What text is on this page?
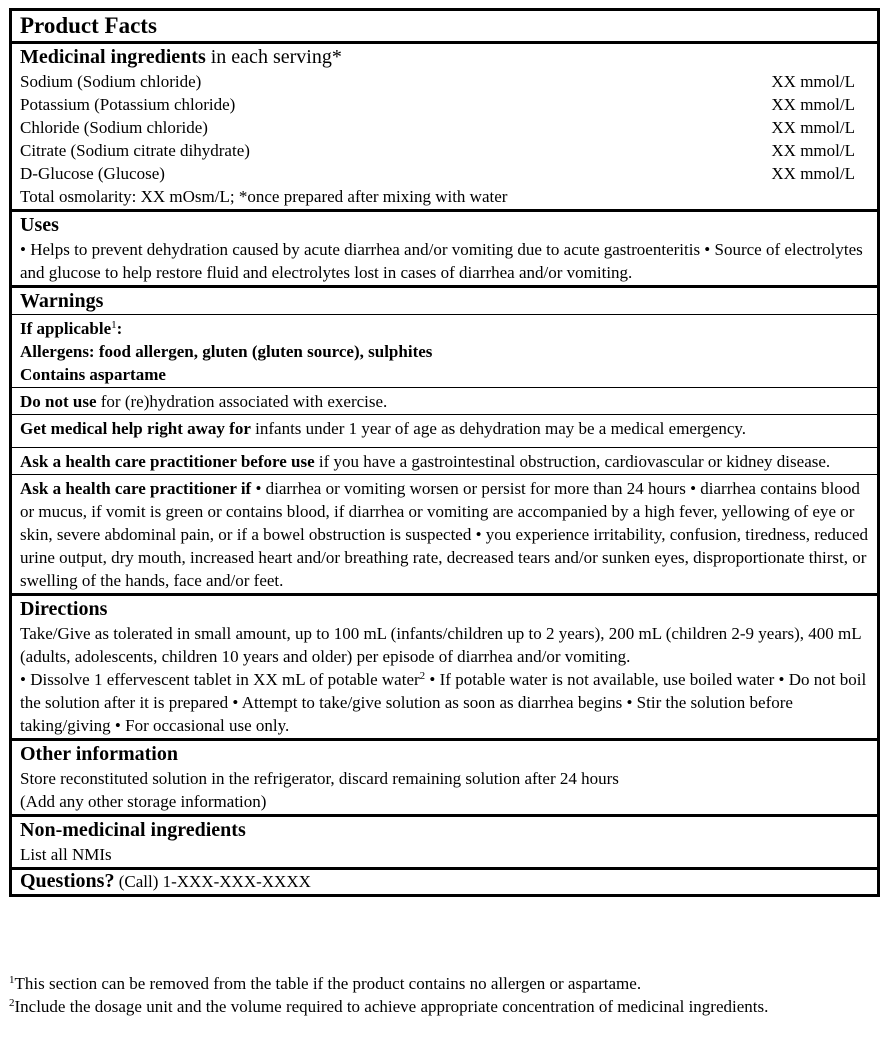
Product Facts
Medicinal ingredients in each serving*
Sodium (Sodium chloride)	XX mmol/L
Potassium (Potassium chloride)	XX mmol/L
Chloride (Sodium chloride)	XX mmol/L
Citrate (Sodium citrate dihydrate)	XX mmol/L
D-Glucose (Glucose)	XX mmol/L
Total osmolarity: XX mOsm/L; *once prepared after mixing with water
Uses
• Helps to prevent dehydration caused by acute diarrhea and/or vomiting due to acute gastroenteritis • Source of electrolytes and glucose to help restore fluid and electrolytes lost in cases of diarrhea and/or vomiting.
Warnings
If applicable$^1$:
Allergens: food allergen, gluten (gluten source), sulphites
Contains aspartame
Do not use for (re)hydration associated with exercise.
Get medical help right away for infants under 1 year of age as dehydration may be a medical emergency.
Ask a health care practitioner before use if you have a gastrointestinal obstruction, cardiovascular or kidney disease.
Ask a health care practitioner if • diarrhea or vomiting worsen or persist for more than 24 hours • diarrhea contains blood or mucus, if vomit is green or contains blood, if diarrhea or vomiting are accompanied by a high fever, yellowing of eye or skin, severe abdominal pain, or if a bowel obstruction is suspected • you experience irritability, confusion, tiredness, reduced urine output, dry mouth, increased heart and/or breathing rate, decreased tears and/or sunken eyes, disproportionate thirst, or swelling of the hands, face and/or feet.
Directions
Take/Give as tolerated in small amount, up to 100 mL (infants/children up to 2 years), 200 mL (children 2-9 years), 400 mL (adults, adolescents, children 10 years and older) per episode of diarrhea and/or vomiting.
• Dissolve 1 effervescent tablet in XX mL of potable water$^2$ • If potable water is not available, use boiled water • Do not boil the solution after it is prepared • Attempt to take/give solution as soon as diarrhea begins • Stir the solution before taking/giving • For occasional use only.
Other information
Store reconstituted solution in the refrigerator, discard remaining solution after 24 hours
(Add any other storage information)
Non-medicinal ingredients
List all NMIs
Questions? (Call) 1-XXX-XXX-XXXX
$^1$This section can be removed from the table if the product contains no allergen or aspartame.
$^2$Include the dosage unit and the volume required to achieve appropriate concentration of medicinal ingredients.
